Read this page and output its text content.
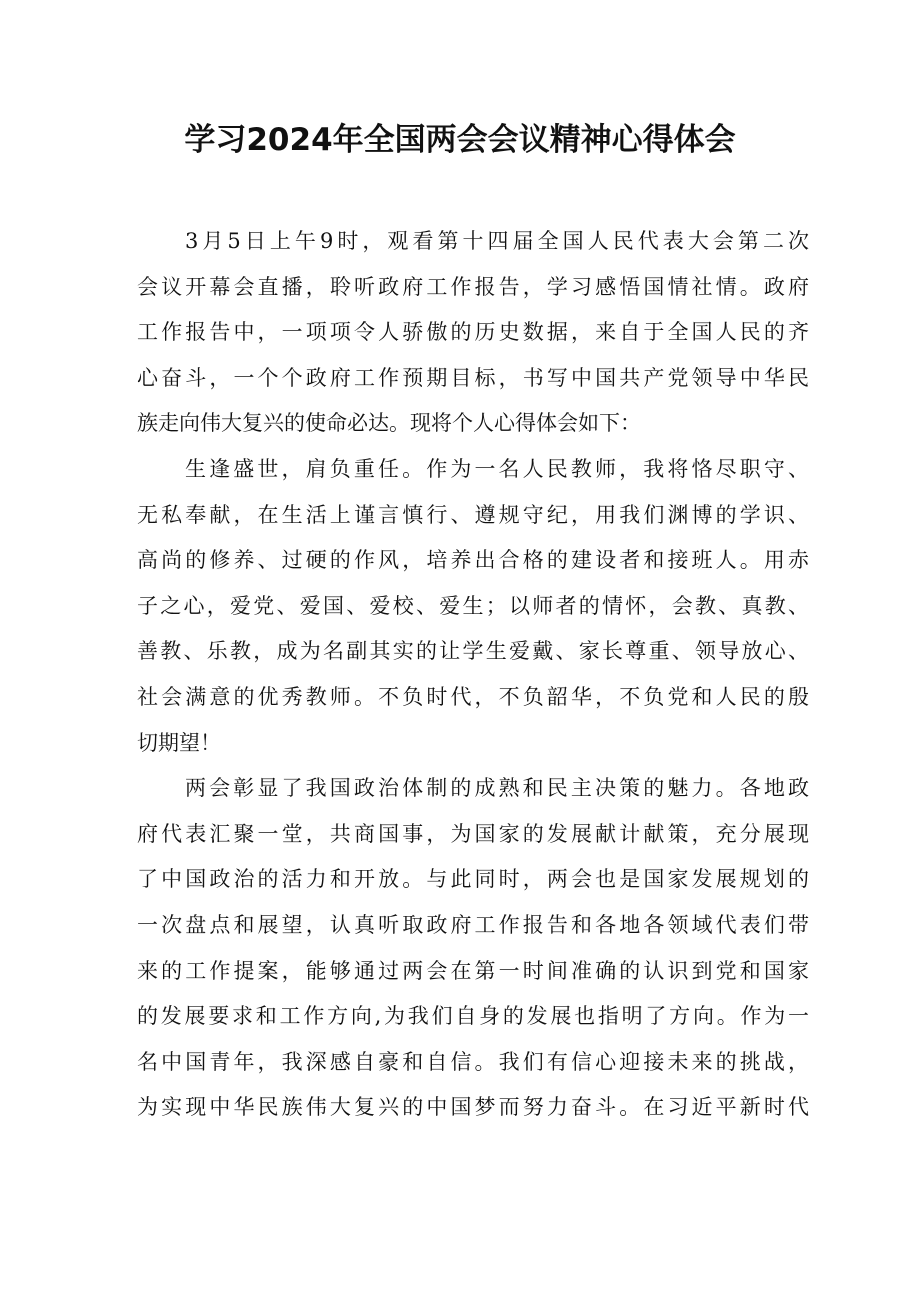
学习2024年全国两会会议精神心得体会
3月5日上午9时，观看第十四届全国人民代表大会第二次
会议开幕会直播，聆听政府工作报告，学习感悟国情社情。政府
工作报告中，一项项令人骄傲的历史数据，来自于全国人民的齐
心奋斗，一个个政府工作预期目标，书写中国共产党领导中华民
族走向伟大复兴的使命必达。现将个人心得体会如下：
生逢盛世，肩负重任。作为一名人民教师，我将恪尽职守、
无私奉献，在生活上谨言慎行、遵规守纪，用我们渊博的学识、
高尚的修养、过硬的作风，培养出合格的建设者和接班人。用赤
子之心，爱党、爱国、爱校、爱生；以师者的情怀，会教、真教、
善教、乐教，成为名副其实的让学生爱戴、家长尊重、领导放心、
社会满意的优秀教师。不负时代，不负韶华，不负党和人民的殷
切期望！
两会彰显了我国政治体制的成熟和民主决策的魅力。各地政
府代表汇聚一堂，共商国事，为国家的发展献计献策，充分展现
了中国政治的活力和开放。与此同时，两会也是国家发展规划的
一次盘点和展望，认真听取政府工作报告和各地各领域代表们带
来的工作提案，能够通过两会在第一时间准确的认识到党和国家
的发展要求和工作方向,为我们自身的发展也指明了方向。作为一
名中国青年，我深感自豪和自信。我们有信心迎接未来的挑战，
为实现中华民族伟大复兴的中国梦而努力奋斗。在习近平新时代
